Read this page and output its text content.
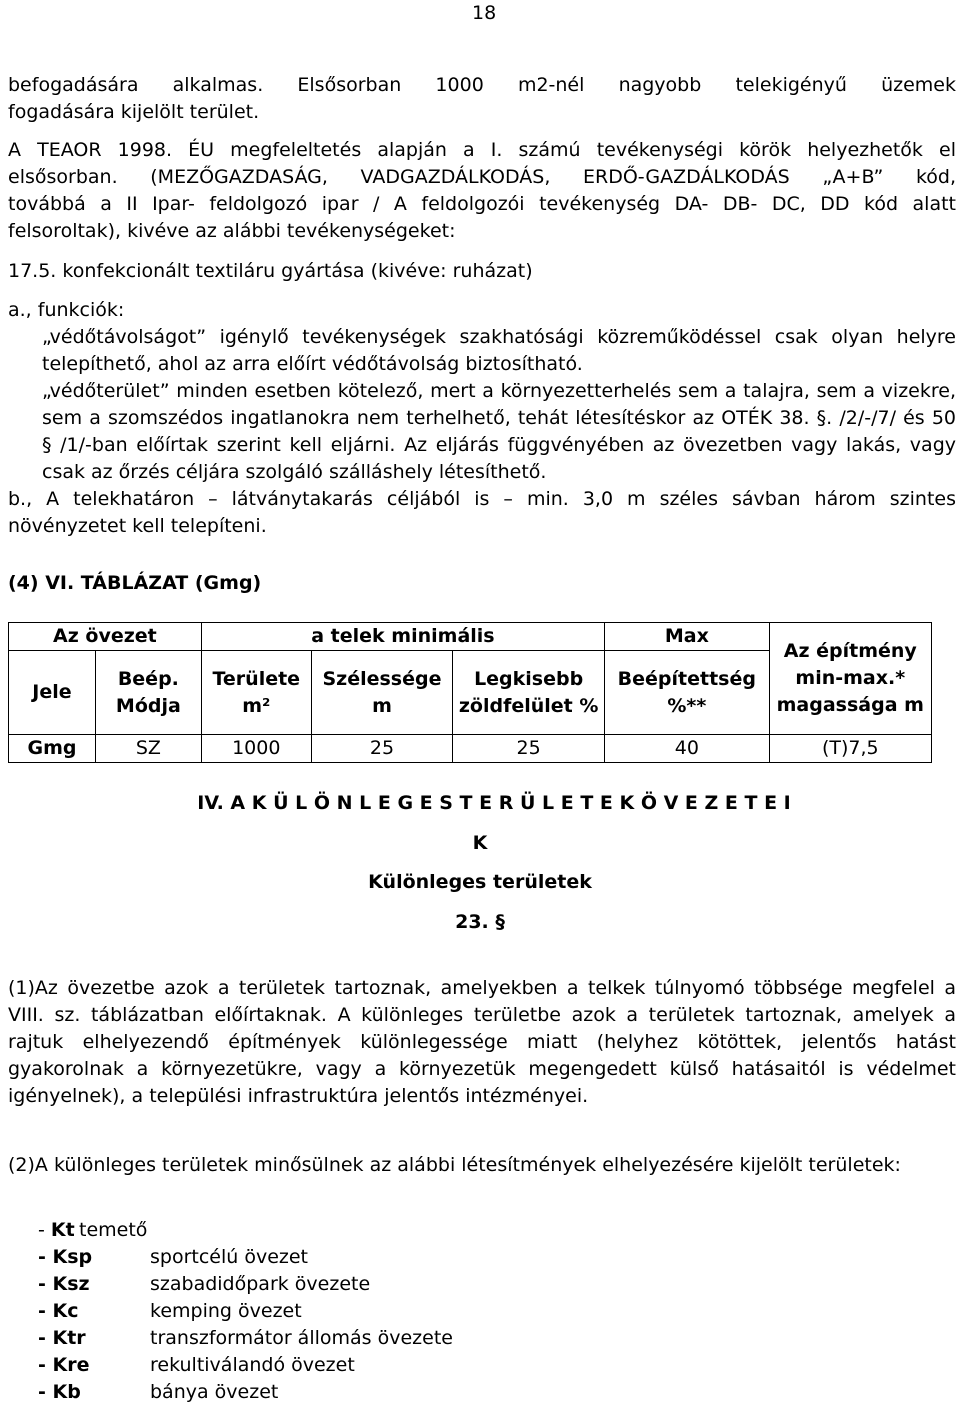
18
befogadására alkalmas. Elsősorban 1000 m2-nél nagyobb telekigényű üzemek
fogadására kijelölt terület.
A TEAOR 1998. ÉU megfeleltetés alapján a I. számú tevékenységi körök helyezhetők el
elsősorban. (MEZŐGAZDASÁG, VADGAZDÁLKODÁS, ERDŐ-GAZDÁLKODÁS „A+B” kód,
továbbá a II Ipar- feldolgozó ipar / A feldolgozói tevékenység DA- DB- DC, DD kód alatt
felsoroltak), kivéve az alábbi tevékenységeket:
17.5. konfekcionált textiláru gyártása (kivéve: ruházat)
a., funkciók:

„védőtávolságot” igénylő tevékenységek szakhatósági közreműködéssel csak olyan helyre telepíthető, ahol az arra előírt védőtávolság biztosítható.

„védőterület” minden esetben kötelező, mert a környezetterhelés sem a talajra, sem a vizekre, sem a szomszédos ingatlanokra nem terhelhető, tehát létesítéskor az OTÉK 38. §. /2/-/7/ és 50 § /1/-ban előírtak szerint kell eljárni. Az eljárás függvényében az övezetben vagy lakás, vagy csak az őrzés céljára szolgáló szálláshely létesíthető.

b., A telekhatáron – látványtakarás céljából is – min. 3,0 m széles sávban három szintes
növényzetet kell telepíteni.
(4) VI. TÁBLÁZAT (Gmg)
Az övezet		a telek minimális			Max	Az építmény min-max.* magassága m
Jele	Beép. Módja	Területe m²	Szélessége m	Legkisebb zöldfelület %	Beépítettség %**	
Gmg	SZ	1000	25	25	40	(T)7,5
IV. A K Ü L Ö N L E G E S T E R Ü L E T E K Ö V E Z E T E I
K
Különleges területek
23. §

(1)Az övezetbe azok a területek tartoznak, amelyekben a telkek túlnyomó többsége megfelel a VIII. sz. táblázatban előírtaknak. A különleges területbe azok a területek tartoznak, amelyek a rajtuk elhelyezendő építmények különlegessége miatt (helyhez kötöttek, jelentős hatást gyakorolnak a környezetükre, vagy a környezetük megengedett külső hatásaitól is védelmet igényelnek), a települési infrastruktúra jelentős intézményei.

(2)A különleges területek minősülnek az alábbi létesítmények elhelyezésére kijelölt területek:

- Kt temető
- Ksp	sportcélú övezet
- Ksz	szabadidőpark övezete
- Kc	kemping övezet
- Ktr	transzformátor állomás övezete
- Kre	rekultiválandó övezet
- Kb	bánya övezet
